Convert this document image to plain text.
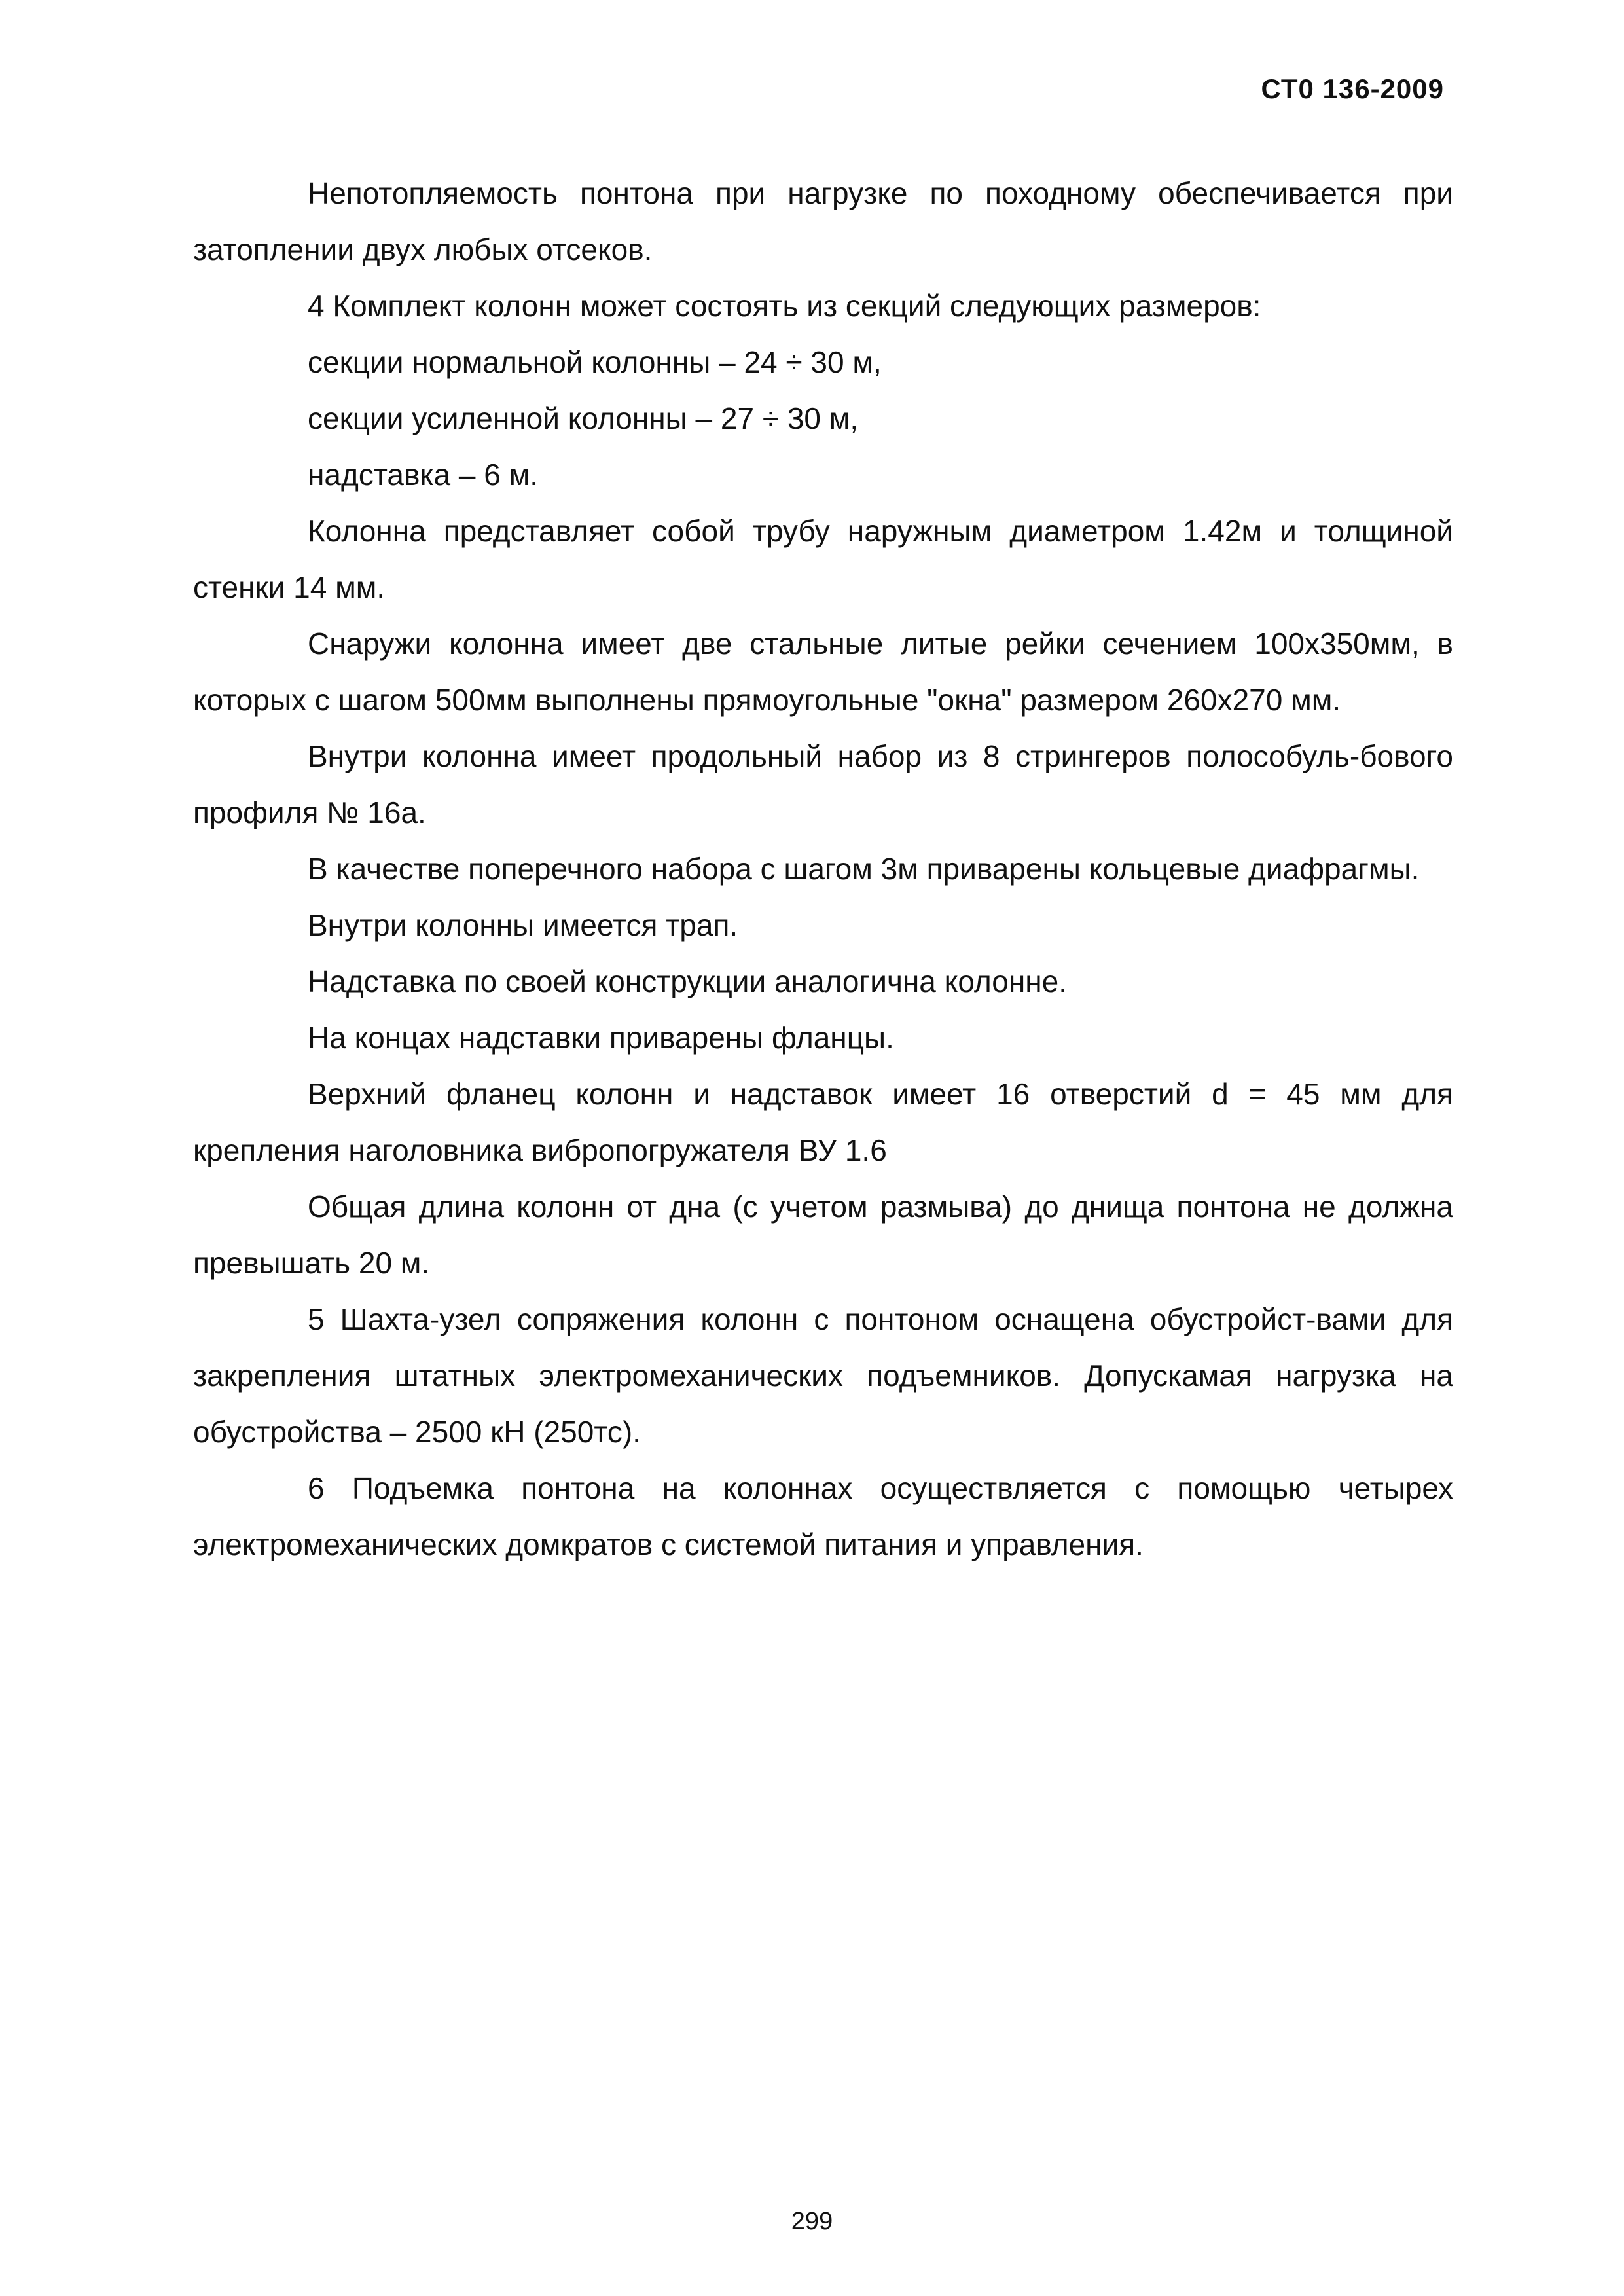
СТ0 136-2009

Непотопляемость понтона при нагрузке по походному обеспечивается при затоплении двух любых отсеков.

4 Комплект колонн может состоять из секций следующих размеров:

секции нормальной колонны – 24 ÷ 30 м,

секции усиленной колонны – 27 ÷ 30 м,

надставка – 6 м.

Колонна представляет собой трубу наружным диаметром 1.42м и толщиной стенки 14 мм.

Снаружи колонна имеет две стальные литые рейки сечением 100х350мм, в которых с шагом 500мм выполнены прямоугольные "окна" размером 260х270 мм.

Внутри колонна имеет продольный набор из 8 стрингеров полособуль-бового профиля № 16а.

В качестве поперечного набора с шагом 3м приварены кольцевые диафрагмы.

Внутри колонны имеется трап.

Надставка по своей конструкции аналогична колонне.

На концах надставки приварены фланцы.

Верхний фланец колонн и надставок имеет 16 отверстий d = 45 мм для крепления наголовника вибропогружателя ВУ 1.6

Общая длина колонн от дна (с учетом размыва) до днища понтона не должна превышать 20 м.

5 Шахта-узел сопряжения колонн с понтоном оснащена обустройст-вами для закрепления штатных электромеханических подъемников. Допускамая нагрузка на обустройства – 2500 кН (250тс).

6 Подъемка понтона на колоннах осуществляется с помощью четырех электромеханических домкратов с системой питания и управления.

299
